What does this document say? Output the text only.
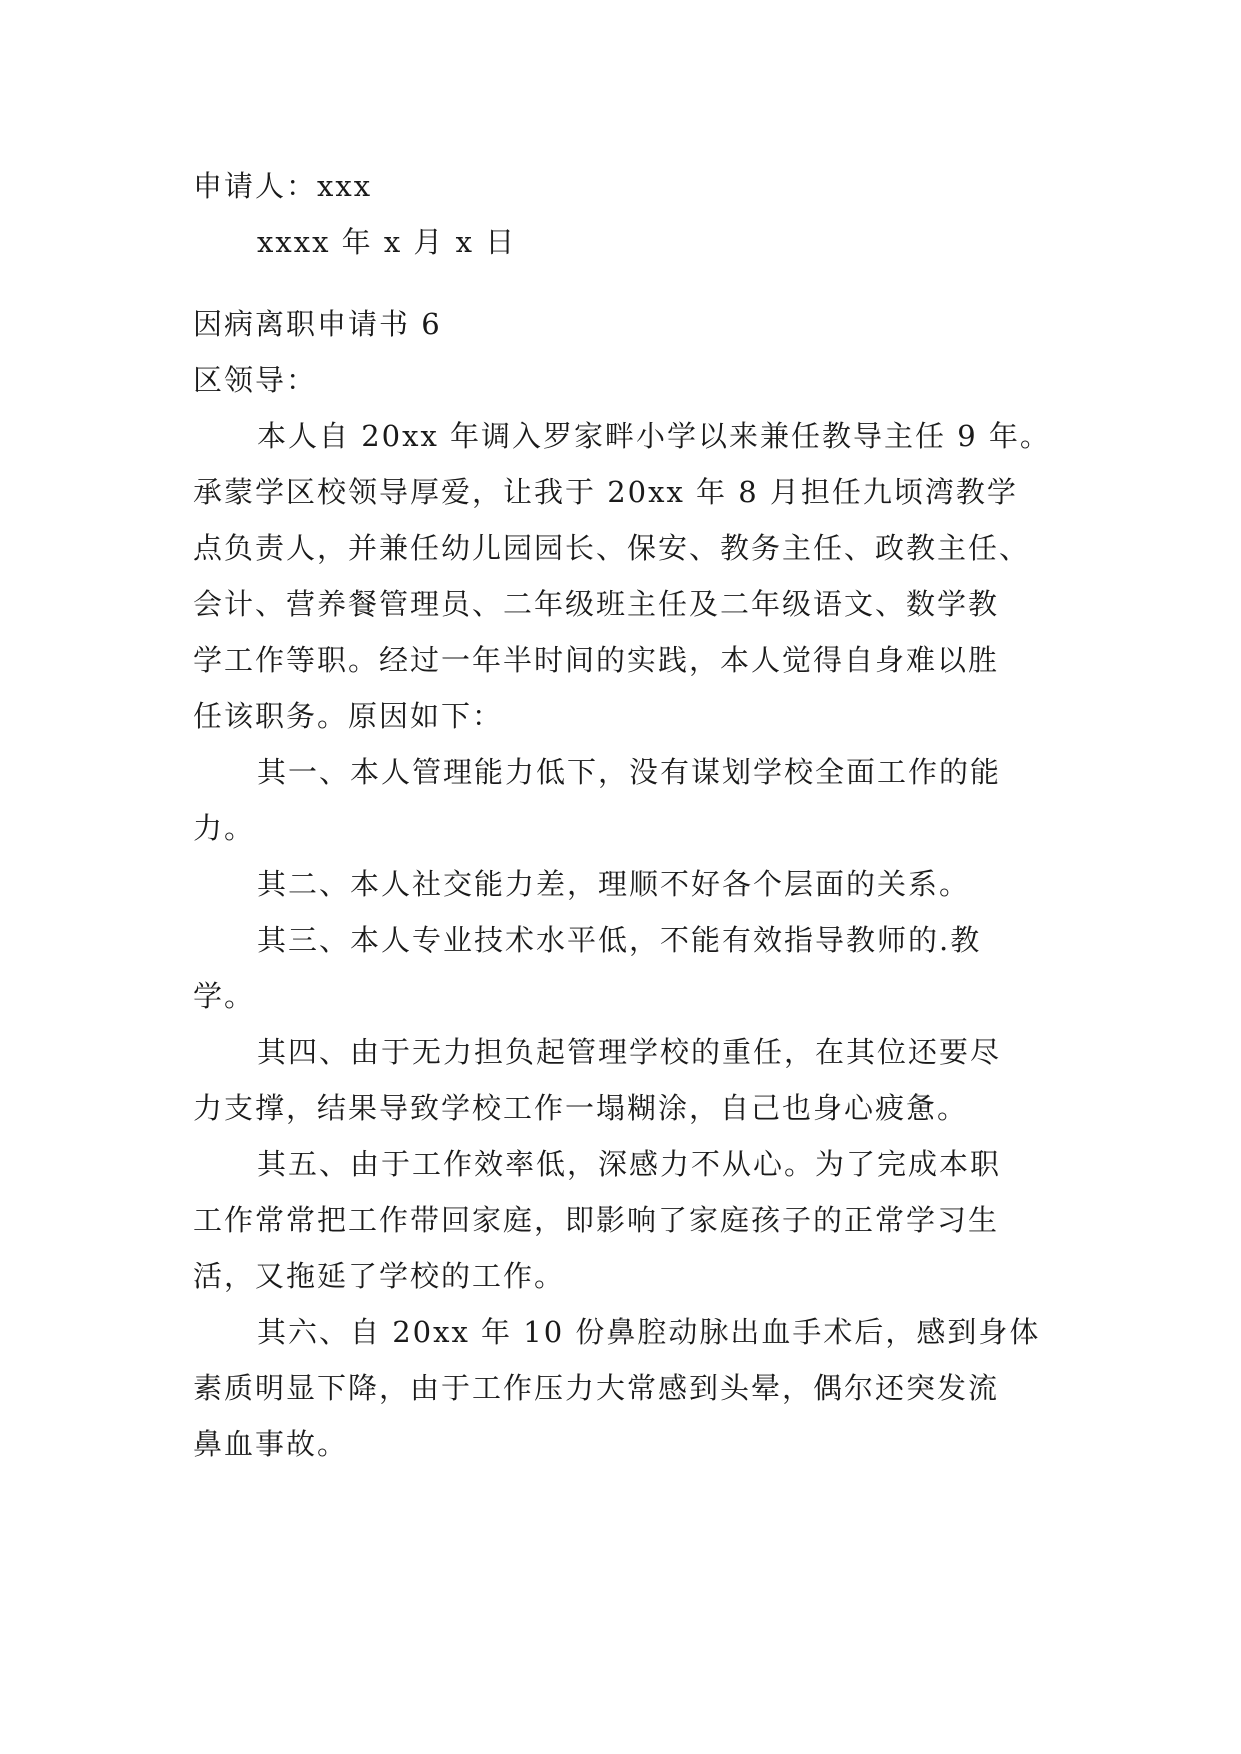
申请人：xxx
xxxx 年 x 月 x 日
因病离职申请书 6
区领导：
本人自 20xx 年调入罗家畔小学以来兼任教导主任 9 年。
承蒙学区校领导厚爱，让我于 20xx 年 8 月担任九顷湾教学
点负责人，并兼任幼儿园园长、保安、教务主任、政教主任、
会计、营养餐管理员、二年级班主任及二年级语文、数学教
学工作等职。经过一年半时间的实践，本人觉得自身难以胜
任该职务。原因如下：
其一、本人管理能力低下，没有谋划学校全面工作的能
力。
其二、本人社交能力差，理顺不好各个层面的关系。
其三、本人专业技术水平低，不能有效指导教师的.教
学。
其四、由于无力担负起管理学校的重任，在其位还要尽
力支撑，结果导致学校工作一塌糊涂，自己也身心疲惫。
其五、由于工作效率低，深感力不从心。为了完成本职
工作常常把工作带回家庭，即影响了家庭孩子的正常学习生
活，又拖延了学校的工作。
其六、自 20xx 年 10 份鼻腔动脉出血手术后，感到身体
素质明显下降，由于工作压力大常感到头晕，偶尔还突发流
鼻血事故。
